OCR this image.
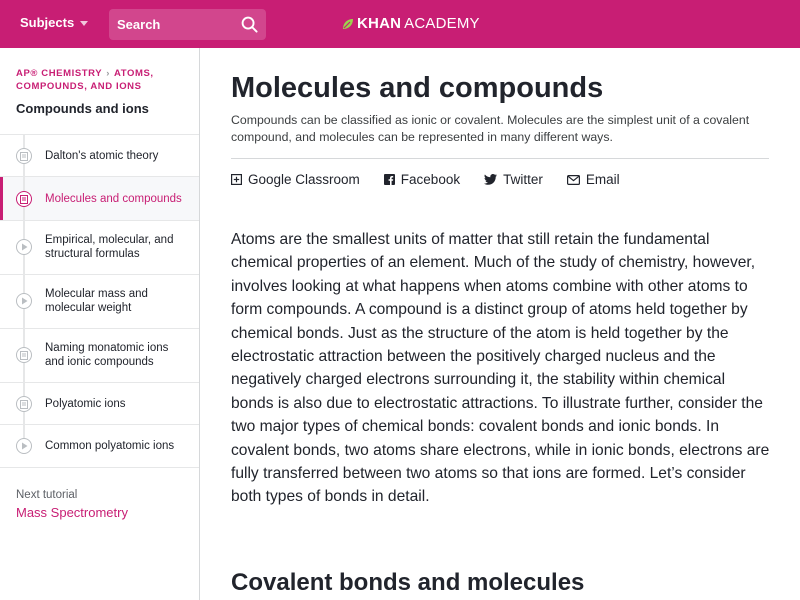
Subjects
Search	KHAN ACADEMY
AP® CHEMISTRY › ATOMS, COMPOUNDS, AND IONS
Compounds and ions
Dalton's atomic theory
Molecules and compounds
Empirical, molecular, and structural formulas
Molecular mass and molecular weight
Naming monatomic ions and ionic compounds
Polyatomic ions
Common polyatomic ions
Next tutorial
Mass Spectrometry
Molecules and compounds
Compounds can be classified as ionic or covalent. Molecules are the simplest unit of a covalent compound, and molecules can be represented in many different ways.
Google Classroom	Facebook	Twitter	Email

Atoms are the smallest units of matter that still retain the fundamental chemical properties of an element. Much of the study of chemistry, however, involves looking at what happens when atoms combine with other atoms to form compounds. A compound is a distinct group of atoms held together by chemical bonds. Just as the structure of the atom is held together by the electrostatic attraction between the positively charged nucleus and the negatively charged electrons surrounding it, the stability within chemical bonds is also due to electrostatic attractions. To illustrate further, consider the two major types of chemical bonds: covalent bonds and ionic bonds. In covalent bonds, two atoms share electrons, while in ionic bonds, electrons are fully transferred between two atoms so that ions are formed. Let’s consider both types of bonds in detail.

Covalent bonds and molecules
